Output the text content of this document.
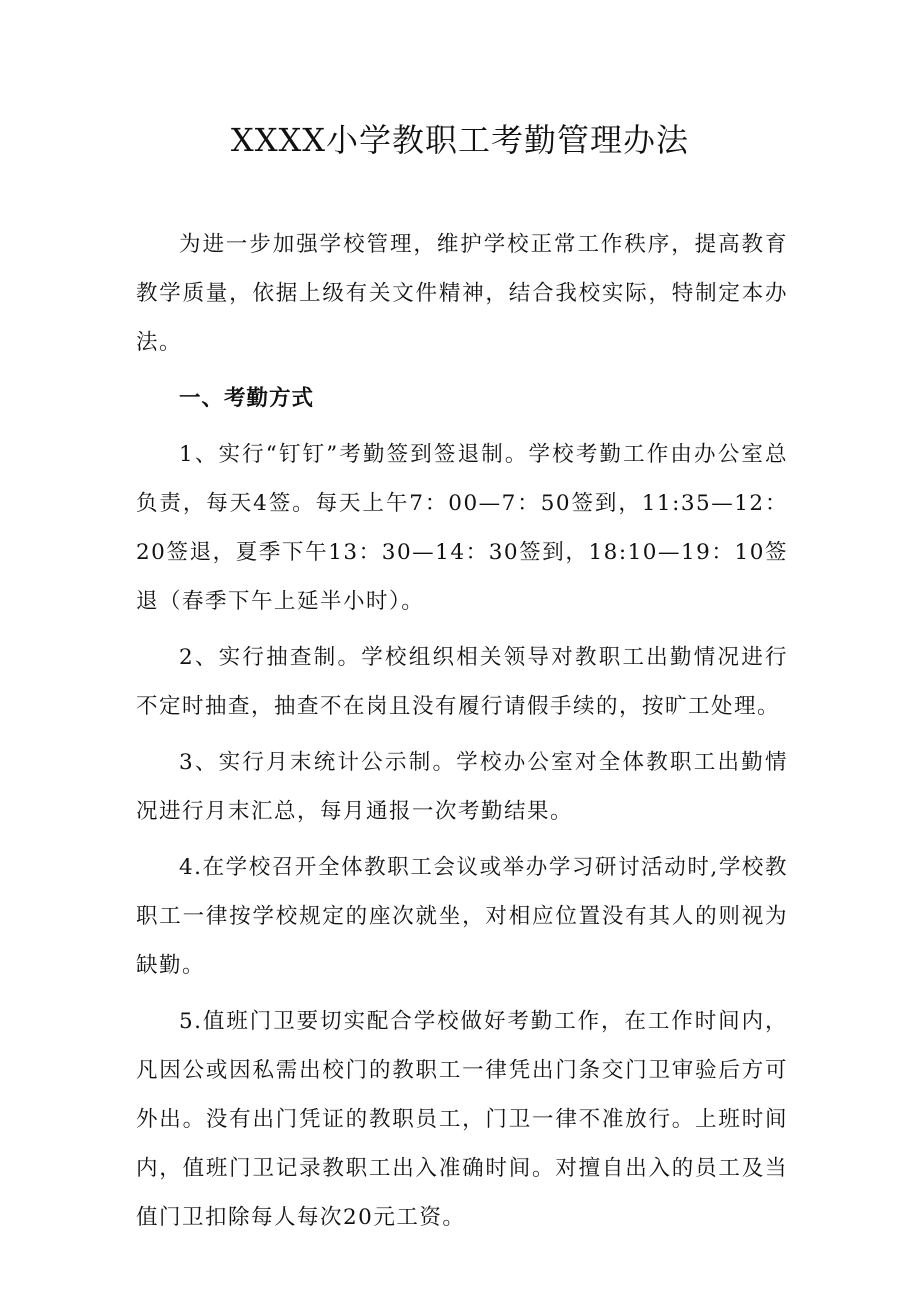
XXXX小学教职工考勤管理办法

为进一步加强学校管理，维护学校正常工作秩序，提高教育教学质量，依据上级有关文件精神，结合我校实际，特制定本办法。

一、考勤方式

1、实行“钉钉”考勤签到签退制。学校考勤工作由办公室总负责，每天4签。每天上午7：00—7：50签到，11:35—12：20签退，夏季下午13：30—14：30签到，18:10—19：10签退（春季下午上延半小时）。

2、实行抽查制。学校组织相关领导对教职工出勤情况进行不定时抽查，抽查不在岗且没有履行请假手续的，按旷工处理。

3、实行月末统计公示制。学校办公室对全体教职工出勤情况进行月末汇总，每月通报一次考勤结果。

4.在学校召开全体教职工会议或举办学习研讨活动时,学校教职工一律按学校规定的座次就坐，对相应位置没有其人的则视为缺勤。

5.值班门卫要切实配合学校做好考勤工作，在工作时间内，凡因公或因私需出校门的教职工一律凭出门条交门卫审验后方可外出。没有出门凭证的教职员工，门卫一律不准放行。上班时间内，值班门卫记录教职工出入准确时间。对擅自出入的员工及当值门卫扣除每人每次20元工资。
